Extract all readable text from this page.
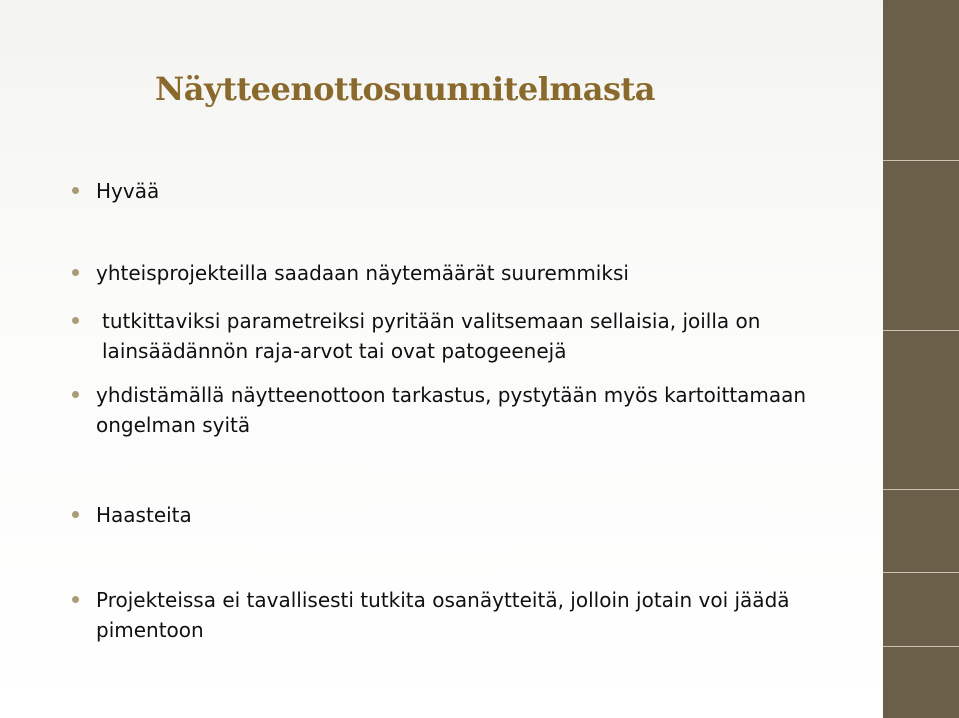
Näytteenottosuunnitelmasta
Hyvää
yhteisprojekteilla saadaan näytemäärät suuremmiksi
tutkittaviksi parametreiksi pyritään valitsemaan sellaisia, joilla on lainsäädännön raja-arvot tai ovat patogeenejä
yhdistämällä näytteenottoon tarkastus, pystytään myös kartoittamaan ongelman syitä
Haasteita
Projekteissa ei tavallisesti tutkita osanäytteitä, jolloin jotain voi jäädä pimentoon
